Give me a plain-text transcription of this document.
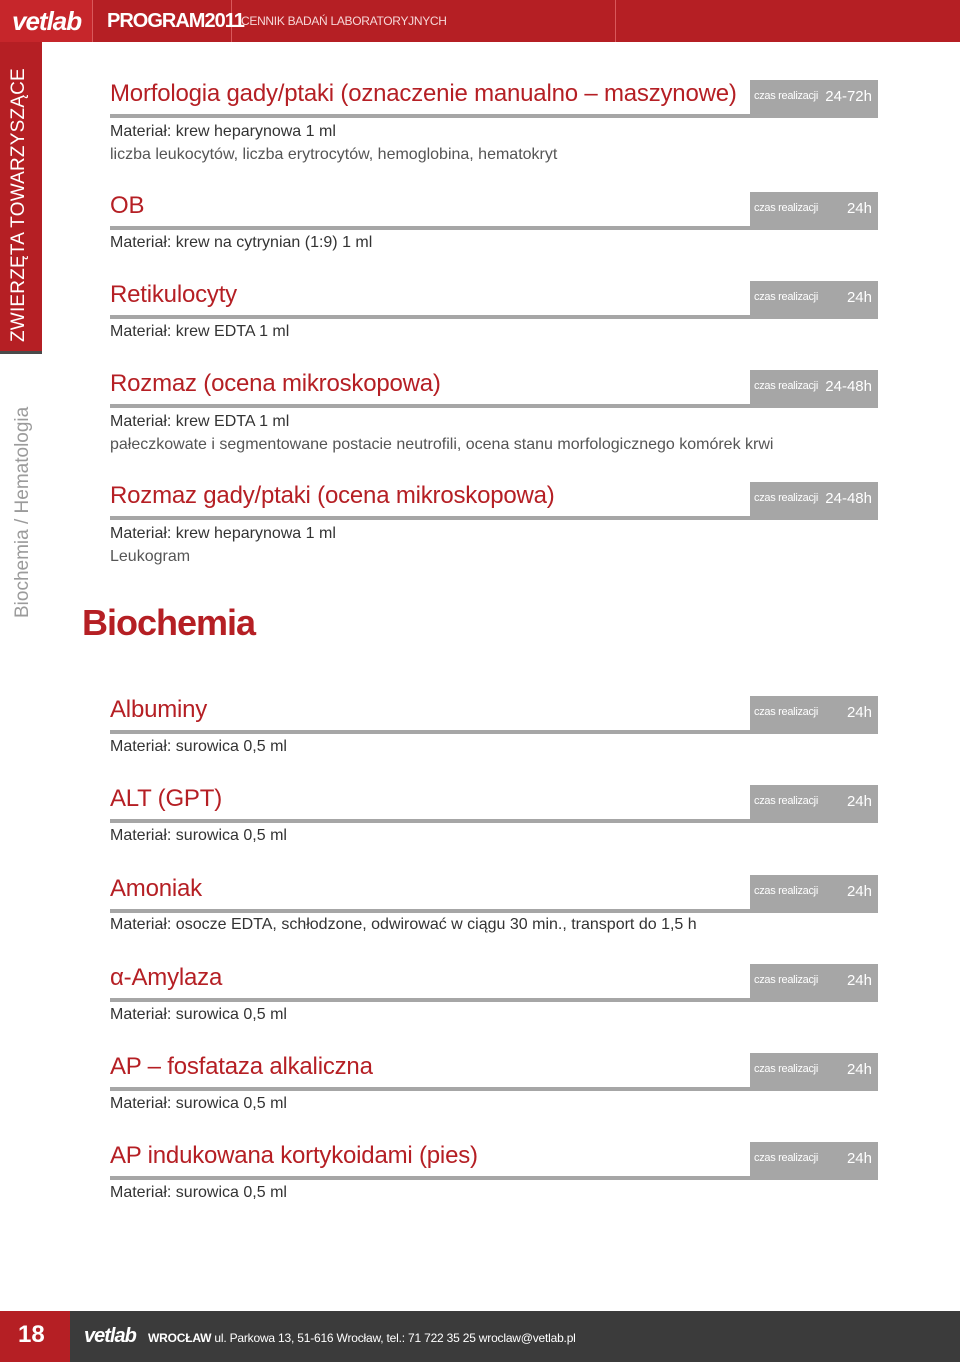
vetlab PROGRAM2011
CENNIK BADAŃ LABORATORYJNYCH
ZWIERZĘTA TOWARZYSZĄCE
Biochemia / Hematologia
Morfologia gady/ptaki (oznaczenie manualno – maszynowe) czas realizacji 24-72h
Materiał: krew heparynowa 1 ml
liczba leukocytów, liczba erytrocytów, hemoglobina, hematokryt
OB	czas realizacji 24h
Materiał: krew na cytrynian (1:9) 1 ml
Retikulocyty	czas realizacji 24h
Materiał: krew EDTA 1 ml
Rozmaz (ocena mikroskopowa)	czas realizacji 24-48h
Materiał: krew EDTA 1 ml
pałeczkowate i segmentowane postacie neutrofili, ocena stanu morfologicznego komórek krwi
Rozmaz gady/ptaki (ocena mikroskopowa)	czas realizacji 24-48h
Materiał: krew heparynowa 1 ml
Leukogram
Biochemia
Albuminy	czas realizacji 24h
Materiał: surowica 0,5 ml
ALT (GPT)	czas realizacji 24h
Materiał: surowica 0,5 ml
Amoniak	czas realizacji 24h
Materiał: osocze EDTA, schłodzone, odwirować w ciągu 30 min., transport do 1,5 h
α-Amylaza	czas realizacji 24h
Materiał: surowica 0,5 ml
AP – fosfataza alkaliczna	czas realizacji 24h
Materiał: surowica 0,5 ml
AP indukowana kortykoidami (pies)	czas realizacji 24h
Materiał: surowica 0,5 ml
18 vetlab WROCŁAW ul. Parkowa 13, 51-616 Wrocław, tel.: 71 722 35 25 wroclaw@vetlab.pl
